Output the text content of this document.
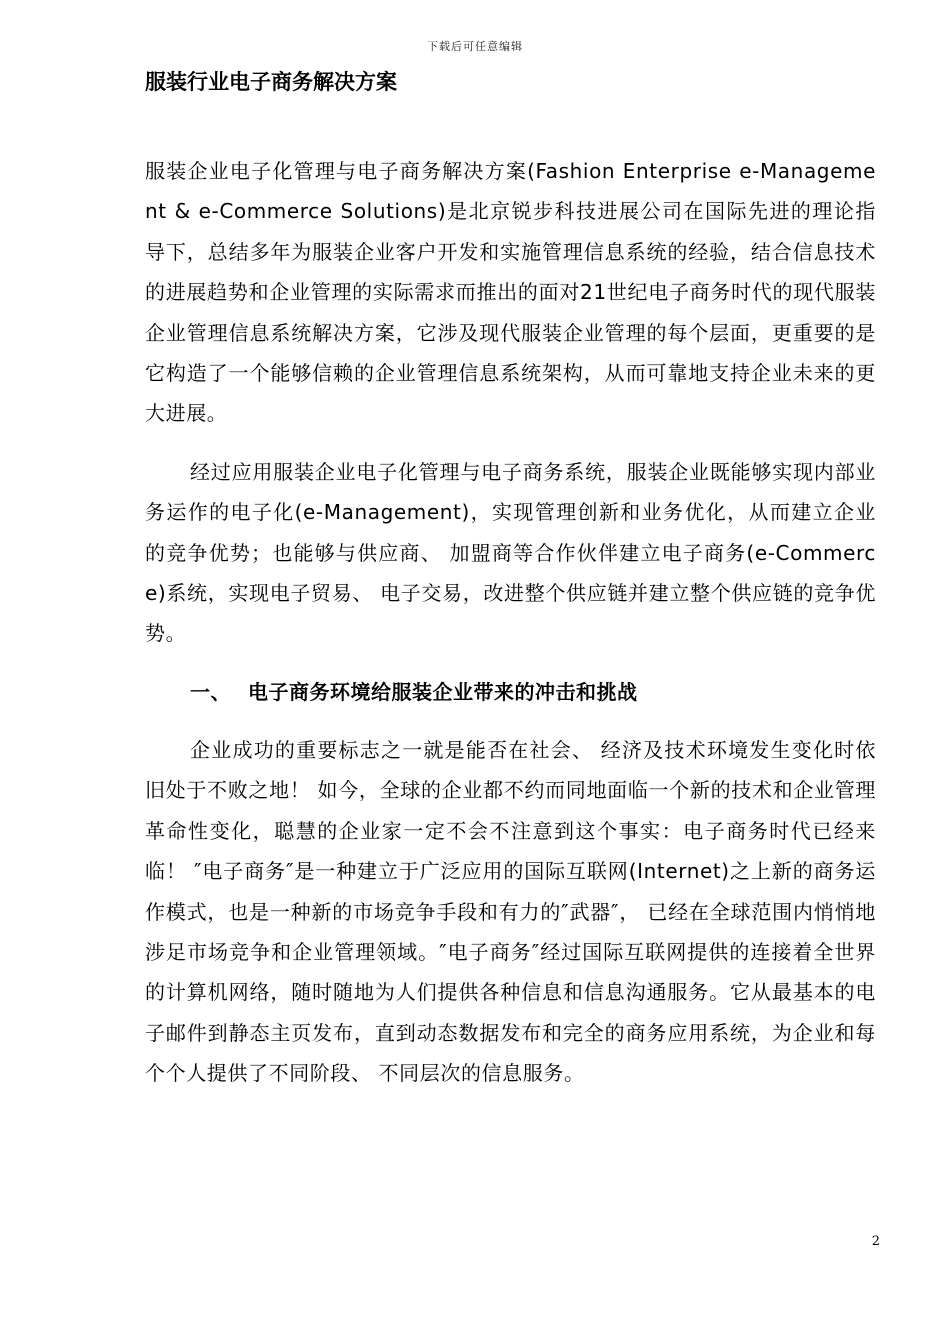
下载后可任意编辑
服装行业电子商务解决方案

服装企业电子化管理与电子商务解决方案(Fashion Enterprise e-Management & e-Commerce Solutions)是北京锐步科技进展公司在国际先进的理论指导下，总结多年为服装企业客户开发和实施管理信息系统的经验，结合信息技术的进展趋势和企业管理的实际需求而推出的面对21世纪电子商务时代的现代服装企业管理信息系统解决方案，它涉及现代服装企业管理的每个层面，更重要的是它构造了一个能够信赖的企业管理信息系统架构，从而可靠地支持企业未来的更大进展。

经过应用服装企业电子化管理与电子商务系统，服装企业既能够实现内部业务运作的电子化(e-Management)，实现管理创新和业务优化，从而建立企业的竞争优势；也能够与供应商、 加盟商等合作伙伴建立电子商务(e-Commerce)系统，实现电子贸易、 电子交易，改进整个供应链并建立整个供应链的竞争优势。

一、 电子商务环境给服装企业带来的冲击和挑战

企业成功的重要标志之一就是能否在社会、 经济及技术环境发生变化时依旧处于不败之地！ 如今，全球的企业都不约而同地面临一个新的技术和企业管理革命性变化，聪慧的企业家一定不会不注意到这个事实：电子商务时代已经来临！ ″电子商务″是一种建立于广泛应用的国际互联网(Internet)之上新的商务运作模式，也是一种新的市场竞争手段和有力的″武器″， 已经在全球范围内悄悄地涉足市场竞争和企业管理领域。″电子商务″经过国际互联网提供的连接着全世界的计算机网络，随时随地为人们提供各种信息和信息沟通服务。它从最基本的电子邮件到静态主页发布，直到动态数据发布和完全的商务应用系统，为企业和每个个人提供了不同阶段、 不同层次的信息服务。

2
